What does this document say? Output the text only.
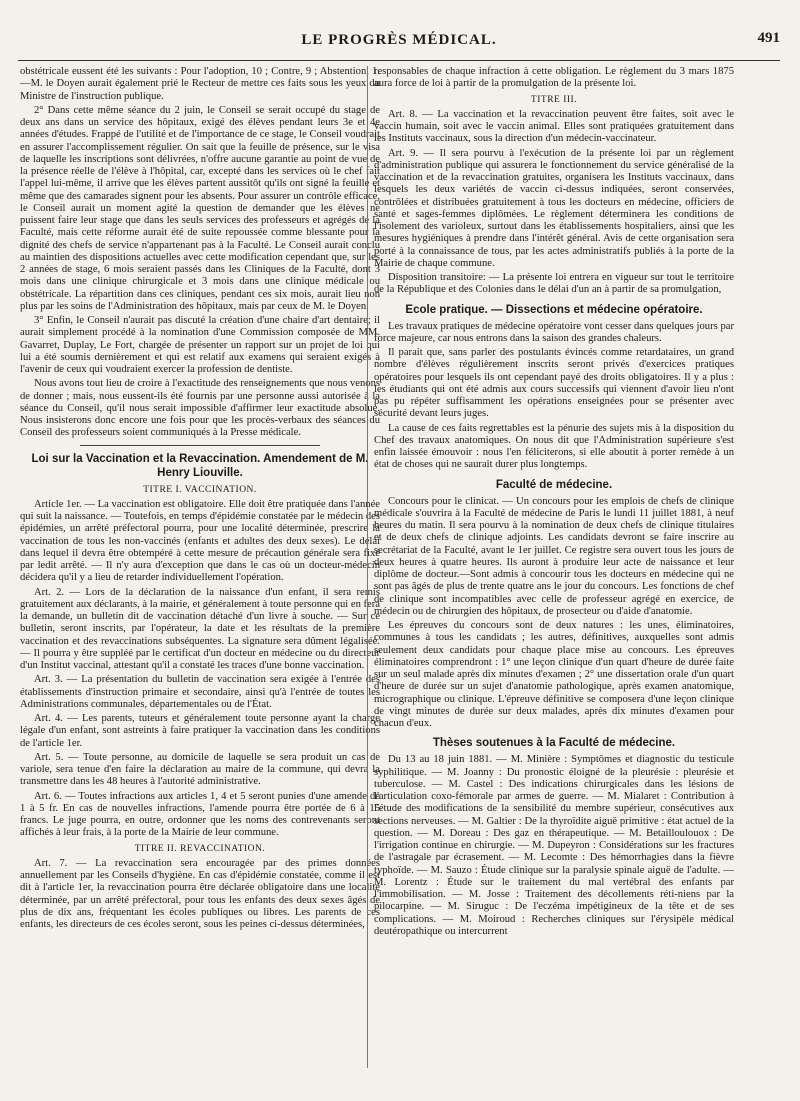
LE PROGRÈS MÉDICAL.	491

obstétricale eussent été les suivants : Pour l'adoption, 10 ; Contre, 9 ; Abstention, 1.—M. le Doyen aurait également prié le Recteur de mettre ces faits sous les yeux du Ministre de l'instruction publique.

2° Dans cette même séance du 2 juin, le Conseil se serait occupé du stage de deux ans dans un service des hôpitaux, exigé des élèves pendant leurs 3e et 4e années d'études. Frappé de l'utilité et de l'importance de ce stage, le Conseil voudrait en assurer l'accomplissement régulier. On sait que la feuille de présence, sur le visa de laquelle les inscriptions sont délivrées, n'offre aucune garantie au point de vue de la présence réelle de l'élève à l'hôpital, car, excepté dans les services où le chef fait l'appel lui-même, il arrive que les élèves partent aussitôt qu'ils ont signé la feuille et même que des camarades signent pour les absents. Pour assurer un contrôle efficace, le Conseil aurait un moment agité la question de demander que les élèves ne puissent faire leur stage que dans les seuls services des professeurs et agrégés de la Faculté, mais cette réforme aurait été de suite repoussée comme blessante pour la dignité des chefs de service n'appartenant pas à la Faculté. Le Conseil aurait conclu au maintien des dispositions actuelles avec cette modification cependant que, sur les 2 années de stage, 6 mois seraient passés dans les Cliniques de la Faculté, dont 3 mois dans une clinique chirurgicale et 3 mois dans une clinique médicale ou obstétricale. La répartition dans ces cliniques, pendant ces six mois, aurait lieu non plus par les soins de l'Administration des hôpitaux, mais par ceux de M. le Doyen.

3° Enfin, le Conseil n'aurait pas discuté la création d'une chaire d'art dentaire; il aurait simplement procédé à la nomination d'une Commission composée de MM. Gavarret, Duplay, Le Fort, chargée de présenter un rapport sur un projet de loi qui lui a été soumis dernièrement et qui est relatif aux examens qui seraient exigés à l'avenir de ceux qui voudraient exercer la profession de dentiste.

Nous avons tout lieu de croire à l'exactitude des renseignements que nous venons de donner ; mais, nous eussent-ils été fournis par une personne aussi autorisée à la séance du Conseil, qu'il nous serait impossible d'affirmer leur exactitude absolue. Nous insisterons donc encore une fois pour que les procès-verbaux des séances du Conseil des professeurs soient communiqués à la Presse médicale.

Loi sur la Vaccination et la Revaccination. Amendement de M. Henry Liouville.
TITRE I. VACCINATION.

Article 1er. — La vaccination est obligatoire. Elle doit être pratiquée dans l'année qui suit la naissance. — Toutefois, en temps d'épidémie constatée par le médecin des épidémies, un arrêté préfectoral pourra, pour une localité déterminée, prescrire la vaccination de tous les non-vaccinés (enfants et adultes des deux sexes). Le délai dans lequel il devra être obtempéré à cette mesure de précaution générale sera fixé par ledit arrêté. — Il n'y aura d'exception que dans le cas où un docteur-médecin décidera qu'il y a lieu de retarder individuellement l'opération.

Art. 2. — Lors de la déclaration de la naissance d'un enfant, il sera remis gratuitement aux déclarants, à la mairie, et généralement à toute personne qui en fera la demande, un bulletin dit de vaccination détaché d'un livre à souche. — Sur ce bulletin, seront inscrits, par l'opérateur, la date et les résultats de la première vaccination et des revaccinations subséquentes. La signature sera dûment légalisée. — Il pourra y être suppléé par le certificat d'un docteur en médecine ou du directeur d'un Institut vaccinal, attestant qu'il a constaté les traces d'une bonne vaccination.

Art. 3. — La présentation du bulletin de vaccination sera exigée à l'entrée des établissements d'instruction primaire et secondaire, ainsi qu'à l'entrée de toutes les Administrations communales, départementales ou de l'État.

Art. 4. — Les parents, tuteurs et généralement toute personne ayant la charge légale d'un enfant, sont astreints à faire pratiquer la vaccination dans les conditions de l'article 1er.

Art. 5. — Toute personne, au domicile de laquelle se sera produit un cas de variole, sera tenue d'en faire la déclaration au maire de la commune, qui devra la transmettre dans les 48 heures à l'autorité administrative.

Art. 6. — Toutes infractions aux articles 1, 4 et 5 seront punies d'une amende de 1 à 5 fr. En cas de nouvelles infractions, l'amende pourra être portée de 6 à 15 francs. Le juge pourra, en outre, ordonner que les noms des contrevenants seront affichés à leur frais, à la porte de la Mairie de leur commune.

TITRE II. REVACCINATION.

Art. 7. — La revaccination sera encouragée par des primes données annuellement par les Conseils d'hygiène. En cas d'épidémie constatée, comme il est dit à l'article 1er, la revaccination pourra être déclarée obligatoire dans une localité déterminée, par un arrêté préfectoral, pour tous les enfants des deux sexes âgés de plus de dix ans, fréquentant les écoles publiques ou libres. Les parents de ces enfants, les directeurs de ces écoles seront, sous les peines ci-dessus déterminées,

responsables de chaque infraction à cette obligation. Le règlement du 3 mars 1875 aura force de loi à partir de la promulgation de la présente loi.

TITRE III.

Art. 8. — La vaccination et la revaccination peuvent être faites, soit avec le vaccin humain, soit avec le vaccin animal. Elles sont pratiquées gratuitement dans les Instituts vaccinaux, sous la direction d'un médecin-vaccinateur.

Art. 9. — Il sera pourvu à l'exécution de la présente loi par un règlement d'administration publique qui assurera le fonctionnement du service généralisé de la vaccination et de la revaccination gratuites, organisera les Instituts vaccinaux, dans lesquels les deux variétés de vaccin ci-dessus indiquées, seront conservées, contrôlées et distribuées gratuitement à tous les docteurs en médecine, officiers de santé et sages-femmes diplômées. Le règlement déterminera les conditions de l'isolement des varioleux, surtout dans les établissements hospitaliers, ainsi que les mesures hygiéniques à prendre dans l'intérêt général. Avis de cette organisation sera porté à la connaissance de tous, par les actes administratifs publiés à la porte de la Mairie de chaque commune.

Disposition transitoire: — La présente loi entrera en vigueur sur tout le territoire de la République et des Colonies dans le délai d'un an à partir de sa promulgation,

Ecole pratique. — Dissections et médecine opératoire.

Les travaux pratiques de médecine opératoire vont cesser dans quelques jours par force majeure, car nous entrons dans la saison des grandes chaleurs.

Il parait que, sans parler des postulants évincés comme retardataires, un grand nombre d'élèves régulièrement inscrits seront privés d'exercices pratiques opératoires pour lesquels ils ont cependant payé des droits obligatoires. Il y a plus : les étudiants qui ont été admis aux cours successifs qui viennent d'avoir lieu n'ont pas pu répéter suffisamment les opérations enseignées pour se présenter avec sécurité devant leurs juges.

La cause de ces faits regrettables est la pénurie des sujets mis à la disposition du Chef des travaux anatomiques. On nous dit que l'Administration supérieure s'est enfin laissée émouvoir : nous l'en féliciterons, si elle aboutit à porter remède à un état de choses qui ne saurait durer plus longtemps.

Faculté de médecine.

Concours pour le clinicat. — Un concours pour les emplois de chefs de clinique médicale s'ouvrira à la Faculté de médecine de Paris le lundi 11 juillet 1881, à neuf heures du matin. Il sera pourvu à la nomination de deux chefs de clinique titulaires et de deux chefs de clinique adjoints. Les candidats devront se faire inscrire au secrétariat de la Faculté, avant le 1er juillet. Ce registre sera ouvert tous les jours de deux heures à quatre heures. Ils auront à produire leur acte de naissance et leur diplôme de docteur.—Sont admis à concourir tous les docteurs en médecine qui ne sont pas âgés de plus de trente quatre ans le jour du concours. Les fonctions de chef de clinique sont incompatibles avec celle de professeur agrégé en exercice, de médecin ou de chirurgien des hôpitaux, de prosecteur ou d'aide d'anatomie.

Les épreuves du concours sont de deux natures : les unes, éliminatoires, communes à tous les candidats ; les autres, définitives, auxquelles sont admis seulement deux candidats pour chaque place mise au concours. Les épreuves éliminatoires comprendront : 1° une leçon clinique d'un quart d'heure de durée faite sur un seul malade après dix minutes d'examen ; 2° une dissertation orale d'un quart d'heure de durée sur un sujet d'anatomie pathologique, après examen anatomique, micrographique ou clinique. L'épreuve définitive se composera d'une leçon clinique de vingt minutes de durée sur deux malades, après dix minutes d'examen pour chacun d'eux.

Thèses soutenues à la Faculté de médecine.

Du 13 au 18 juin 1881. — M. Minière : Symptômes et diagnostic du testicule syphilitique. — M. Joanny : Du pronostic éloigné de la pleurésie : pleurésie et tuberculose. — M. Castel : Des indications chirurgicales dans les lésions de l'articulation coxo-fémorale par armes de guerre. — M. Mialaret : Contribution à l'étude des modifications de la sensibilité du membre supérieur, consécutives aux sections nerveuses. — M. Galtier : De la thyroïdite aiguë primitive : état actuel de la question. — M. Doreau : Des gaz en thérapeutique. — M. Betailloulouox : De l'irrigation continue en chirurgie. — M. Dupeyron : Considérations sur les fractures de l'astragale par écrasement. — M. Lecomte : Des hémorrhagies dans la fièvre typhoïde. — M. Sauzo : Étude clinique sur la paralysie spinale aiguë de l'adulte. — M. Lorentz : Étude sur le traitement du mal vertébral des enfants par l'immobilisation. — M. Josse : Traitement des décollements réti-niens par la pilocarpine. — M. Siruguc : De l'eczéma impétigineux de la tête et de ses complications. — M. Moiroud : Recherches cliniques sur l'érysipèle médical deutéropathique ou intercurrent
